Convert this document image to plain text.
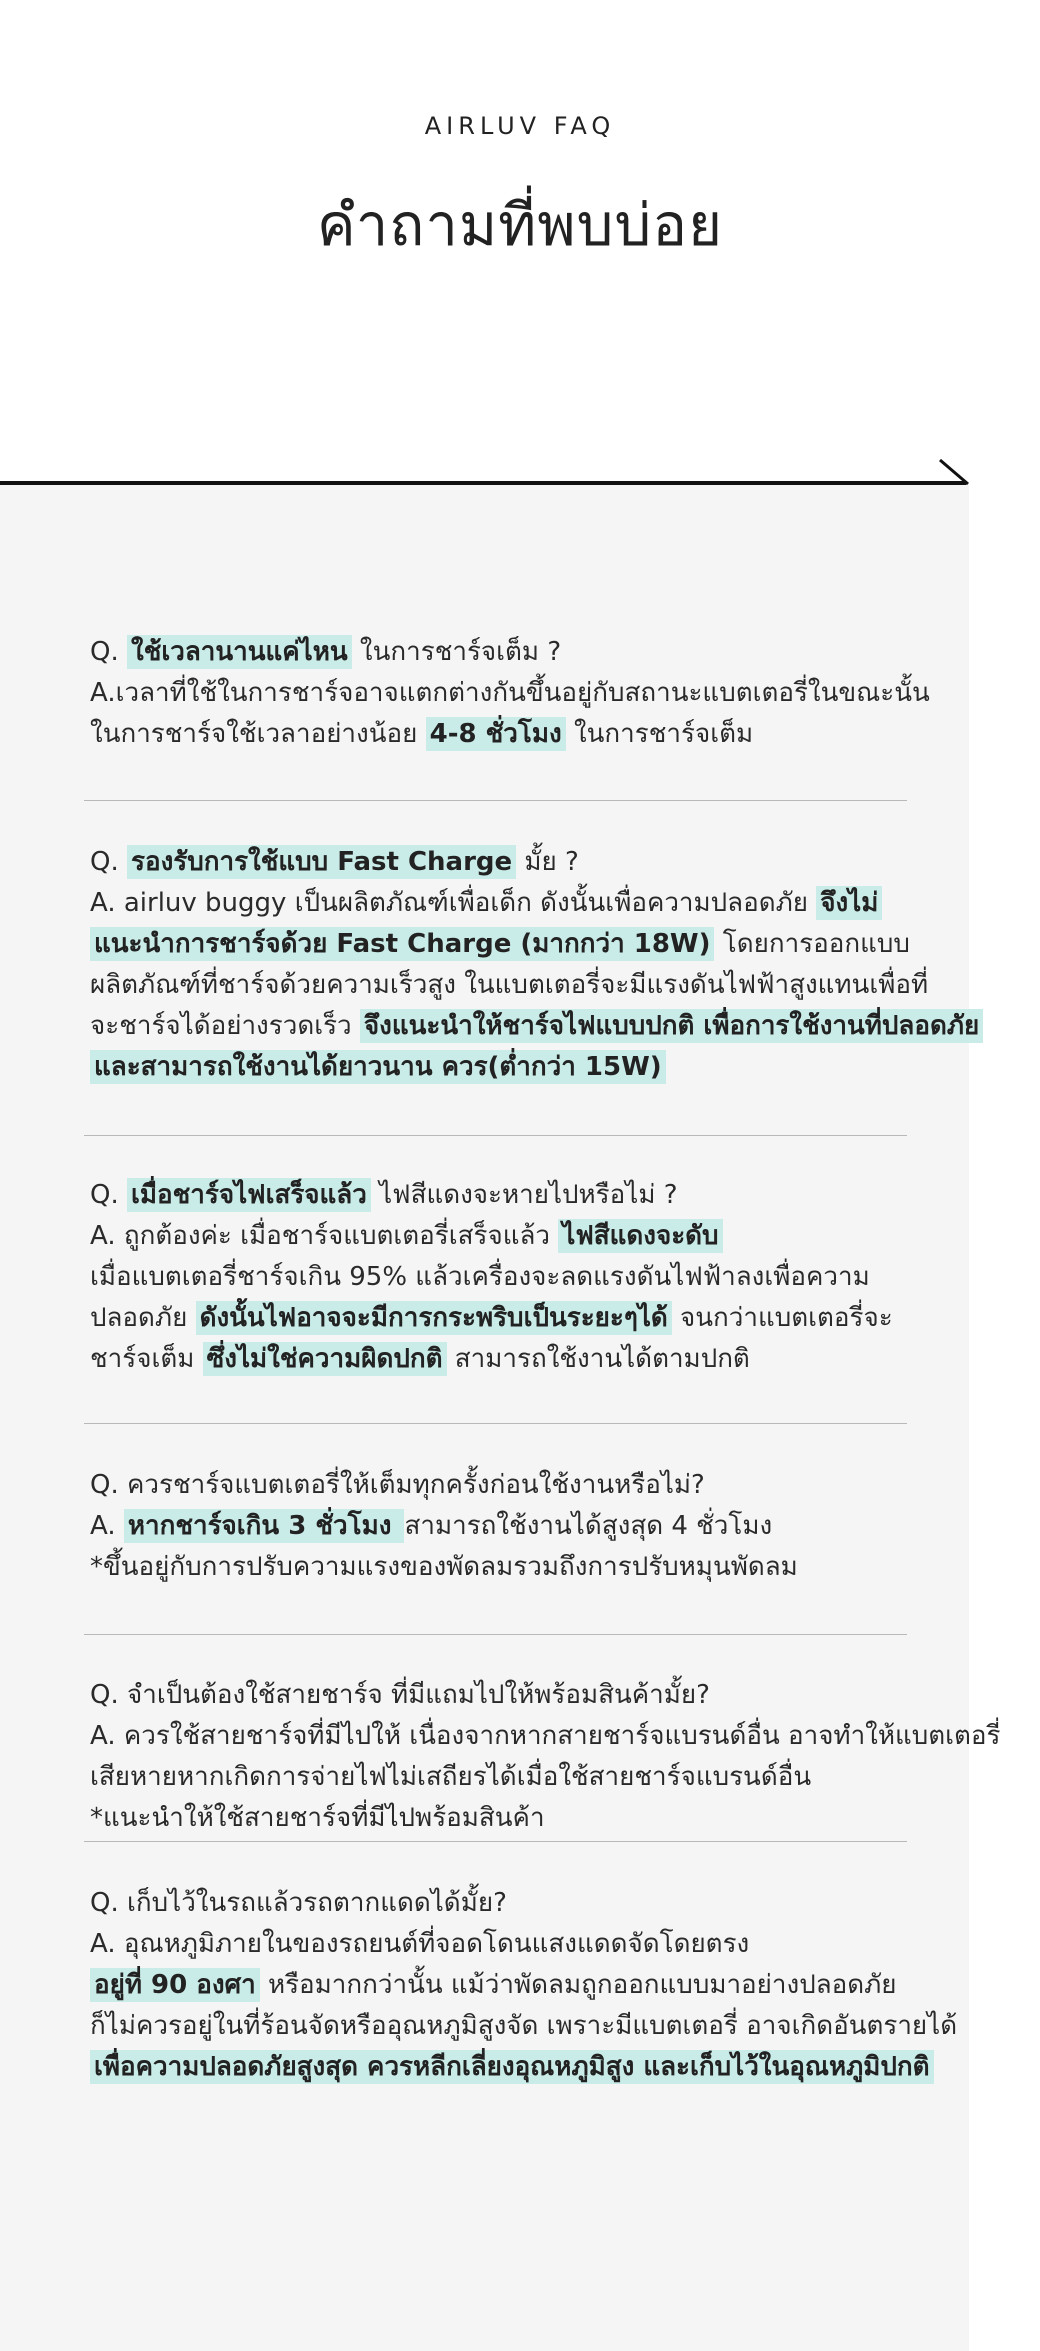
AIRLUV FAQ
คำถามที่พบบ่อย
Q. ใช้เวลานานแค่ไหน ในการชาร์จเต็ม ?
A.เวลาที่ใช้ในการชาร์จอาจแตกต่างกันขึ้นอยู่กับสถานะแบตเตอรี่ในขณะนั้น
ในการชาร์จใช้เวลาอย่างน้อย 4-8 ชั่วโมง ในการชาร์จเต็ม
Q. รองรับการใช้แบบ Fast Charge มั้ย ?
A. airluv buggy เป็นผลิตภัณฑ์เพื่อเด็ก ดังนั้นเพื่อความปลอดภัย จึงไม่
แนะนำการชาร์จด้วย Fast Charge (มากกว่า 18W) โดยการออกแบบ
ผลิตภัณฑ์ที่ชาร์จด้วยความเร็วสูง ในแบตเตอรี่จะมีแรงดันไฟฟ้าสูงแทนเพื่อที่
จะชาร์จได้อย่างรวดเร็ว จึงแนะนำให้ชาร์จไฟแบบปกติ เพื่อการใช้งานที่ปลอดภัย
และสามารถใช้งานได้ยาวนาน ควร(ต่ำกว่า 15W)
Q. เมื่อชาร์จไฟเสร็จแล้ว ไฟสีแดงจะหายไปหรือไม่ ?
A. ถูกต้องค่ะ เมื่อชาร์จแบตเตอรี่เสร็จแล้ว ไฟสีแดงจะดับ
เมื่อแบตเตอรี่ชาร์จเกิน 95% แล้วเครื่องจะลดแรงดันไฟฟ้าลงเพื่อความ
ปลอดภัย ดังนั้นไฟอาจจะมีการกระพริบเป็นระยะๆได้ จนกว่าแบตเตอรี่จะ
ชาร์จเต็ม ซึ่งไม่ใช่ความผิดปกติ สามารถใช้งานได้ตามปกติ
Q. ควรชาร์จแบตเตอรี่ให้เต็มทุกครั้งก่อนใช้งานหรือไม่?
A. หากชาร์จเกิน 3 ชั่วโมง สามารถใช้งานได้สูงสุด 4 ชั่วโมง
*ขึ้นอยู่กับการปรับความแรงของพัดลมรวมถึงการปรับหมุนพัดลม
Q. จำเป็นต้องใช้สายชาร์จ ที่มีแถมไปให้พร้อมสินค้ามั้ย?
A. ควรใช้สายชาร์จที่มีไปให้ เนื่องจากหากสายชาร์จแบรนด์อื่น อาจทำให้แบตเตอรี่
เสียหายหากเกิดการจ่ายไฟไม่เสถียรได้เมื่อใช้สายชาร์จแบรนด์อื่น
*แนะนำให้ใช้สายชาร์จที่มีไปพร้อมสินค้า
Q. เก็บไว้ในรถแล้วรถตากแดดได้มั้ย?
A. อุณหภูมิภายในของรถยนต์ที่จอดโดนแสงแดดจัดโดยตรง
อยู่ที่ 90 องศา หรือมากกว่านั้น แม้ว่าพัดลมถูกออกแบบมาอย่างปลอดภัย
ก็ไม่ควรอยู่ในที่ร้อนจัดหรืออุณหภูมิสูงจัด เพราะมีแบตเตอรี่ อาจเกิดอันตรายได้
เพื่อความปลอดภัยสูงสุด ควรหลีกเลี่ยงอุณหภูมิสูง และเก็บไว้ในอุณหภูมิปกติ
